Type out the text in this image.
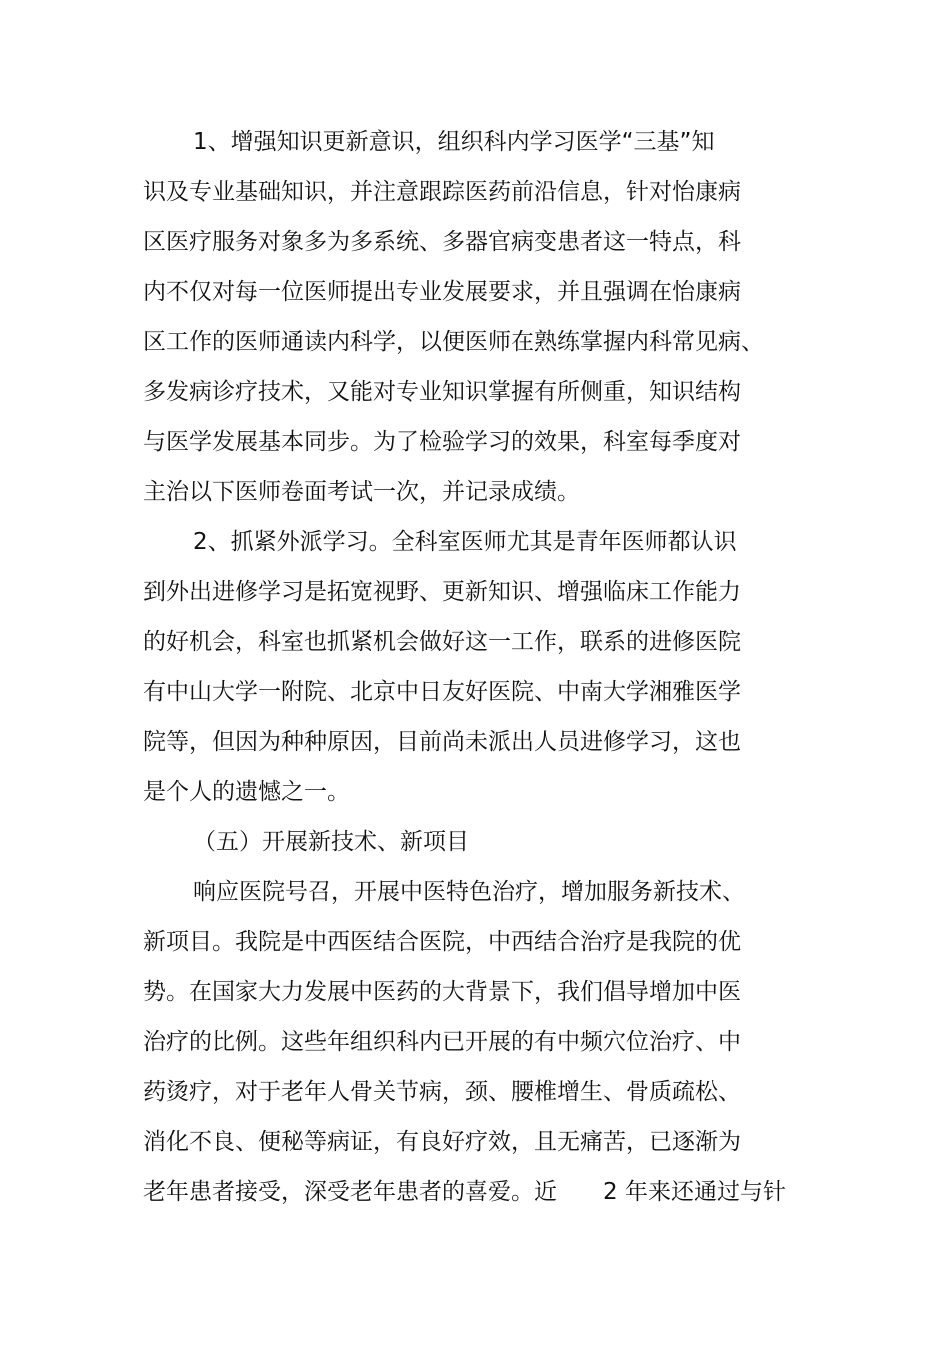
1、增强知识更新意识，组织科内学习医学“三基”知
识及专业基础知识，并注意跟踪医药前沿信息，针对怡康病
区医疗服务对象多为多系统、多器官病变患者这一特点，科
内不仅对每一位医师提出专业发展要求，并且强调在怡康病
区工作的医师通读内科学，以便医师在熟练掌握内科常见病、
多发病诊疗技术，又能对专业知识掌握有所侧重，知识结构
与医学发展基本同步。为了检验学习的效果，科室每季度对
主治以下医师卷面考试一次，并记录成绩。
2、抓紧外派学习。全科室医师尤其是青年医师都认识
到外出进修学习是拓宽视野、更新知识、增强临床工作能力
的好机会，科室也抓紧机会做好这一工作，联系的进修医院
有中山大学一附院、北京中日友好医院、中南大学湘雅医学
院等，但因为种种原因，目前尚未派出人员进修学习，这也
是个人的遗憾之一。
（五）开展新技术、新项目
响应医院号召，开展中医特色治疗，增加服务新技术、
新项目。我院是中西医结合医院，中西结合治疗是我院的优
势。在国家大力发展中医药的大背景下，我们倡导增加中医
治疗的比例。这些年组织科内已开展的有中频穴位治疗、中
药烫疗，对于老年人骨关节病，颈、腰椎增生、骨质疏松、
消化不良、便秘等病证，有良好疗效，且无痛苦，已逐渐为
老年患者接受，深受老年患者的喜爱。近 2 年来还通过与针
